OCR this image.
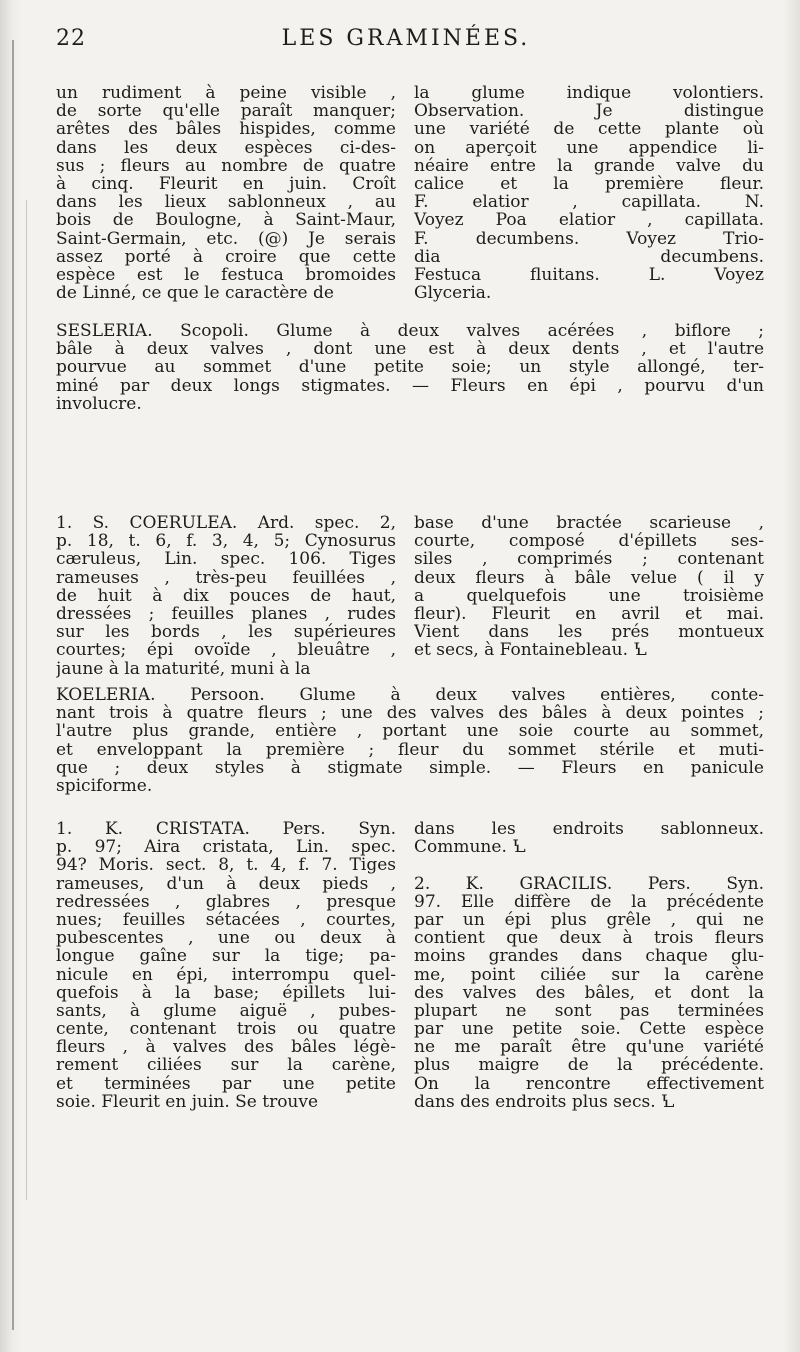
22	LES GRAMINÉES.
un rudiment à peine visible ,
de sorte qu'elle paraît manquer;
arêtes des bâles hispides, comme
dans les deux espèces ci-des-
sus ; fleurs au nombre de quatre
à cinq. Fleurit en juin. Croît
dans les lieux sablonneux , au
bois de Boulogne, à Saint-Maur,
Saint-Germain, etc. (@) Je serais
assez porté à croire que cette
espèce est le festuca bromoides
de Linné, ce que le caractère de
la glume indique volontiers.
Observation. Je distingue
une variété de cette plante où
on aperçoit une appendice li-
néaire entre la grande valve du
calice et la première fleur.
F. elatior , capillata. N.
Voyez Poa elatior , capillata.
F. decumbens. Voyez Trio-
dia decumbens.
Festuca fluitans. L. Voyez
Glyceria.
SESLERIA. Scopoli. Glume à deux valves acérées , biflore ;
bâle à deux valves , dont une est à deux dents , et l'autre
pourvue au sommet d'une petite soie; un style allongé, ter-
miné par deux longs stigmates. — Fleurs en épi , pourvu d'un
involucre.
1. S. COERULEA. Ard. spec. 2,
p. 18, t. 6, f. 3, 4, 5; Cynosurus
cæruleus, Lin. spec. 106. Tiges
rameuses , très-peu feuillées ,
de huit à dix pouces de haut,
dressées ; feuilles planes , rudes
sur les bords , les supérieures
courtes; épi ovoïde , bleuâtre ,
jaune à la maturité, muni à la
base d'une bractée scarieuse ,
courte, composé d'épillets ses-
siles , comprimés ; contenant
deux fleurs à bâle velue ( il y
a quelquefois une troisième
fleur). Fleurit en avril et mai.
Vient dans les prés montueux
et secs, à Fontainebleau. Ꝇ
KOELERIA. Persoon. Glume à deux valves entières, conte-
nant trois à quatre fleurs ; une des valves des bâles à deux pointes ;
l'autre plus grande, entière , portant une soie courte au sommet,
et enveloppant la première ; fleur du sommet stérile et muti-
que ; deux styles à stigmate simple. — Fleurs en panicule
spiciforme.
1. K. CRISTATA. Pers. Syn.
p. 97; Aira cristata, Lin. spec.
94? Moris. sect. 8, t. 4, f. 7. Tiges
rameuses, d'un à deux pieds ,
redressées , glabres , presque
nues; feuilles sétacées , courtes,
pubescentes , une ou deux à
longue gaîne sur la tige; pa-
nicule en épi, interrompu quel-
quefois à la base; épillets lui-
sants, à glume aiguë , pubes-
cente, contenant trois ou quatre
fleurs , à valves des bâles légè-
rement ciliées sur la carène,
et terminées par une petite
soie. Fleurit en juin. Se trouve
dans les endroits sablonneux.
Commune. Ꝇ

2. K. GRACILIS. Pers. Syn.
97. Elle diffère de la précédente
par un épi plus grêle , qui ne
contient que deux à trois fleurs
moins grandes dans chaque glu-
me, point ciliée sur la carène
des valves des bâles, et dont la
plupart ne sont pas terminées
par une petite soie. Cette espèce
ne me paraît être qu'une variété
plus maigre de la précédente.
On la rencontre effectivement
dans des endroits plus secs. Ꝇ
